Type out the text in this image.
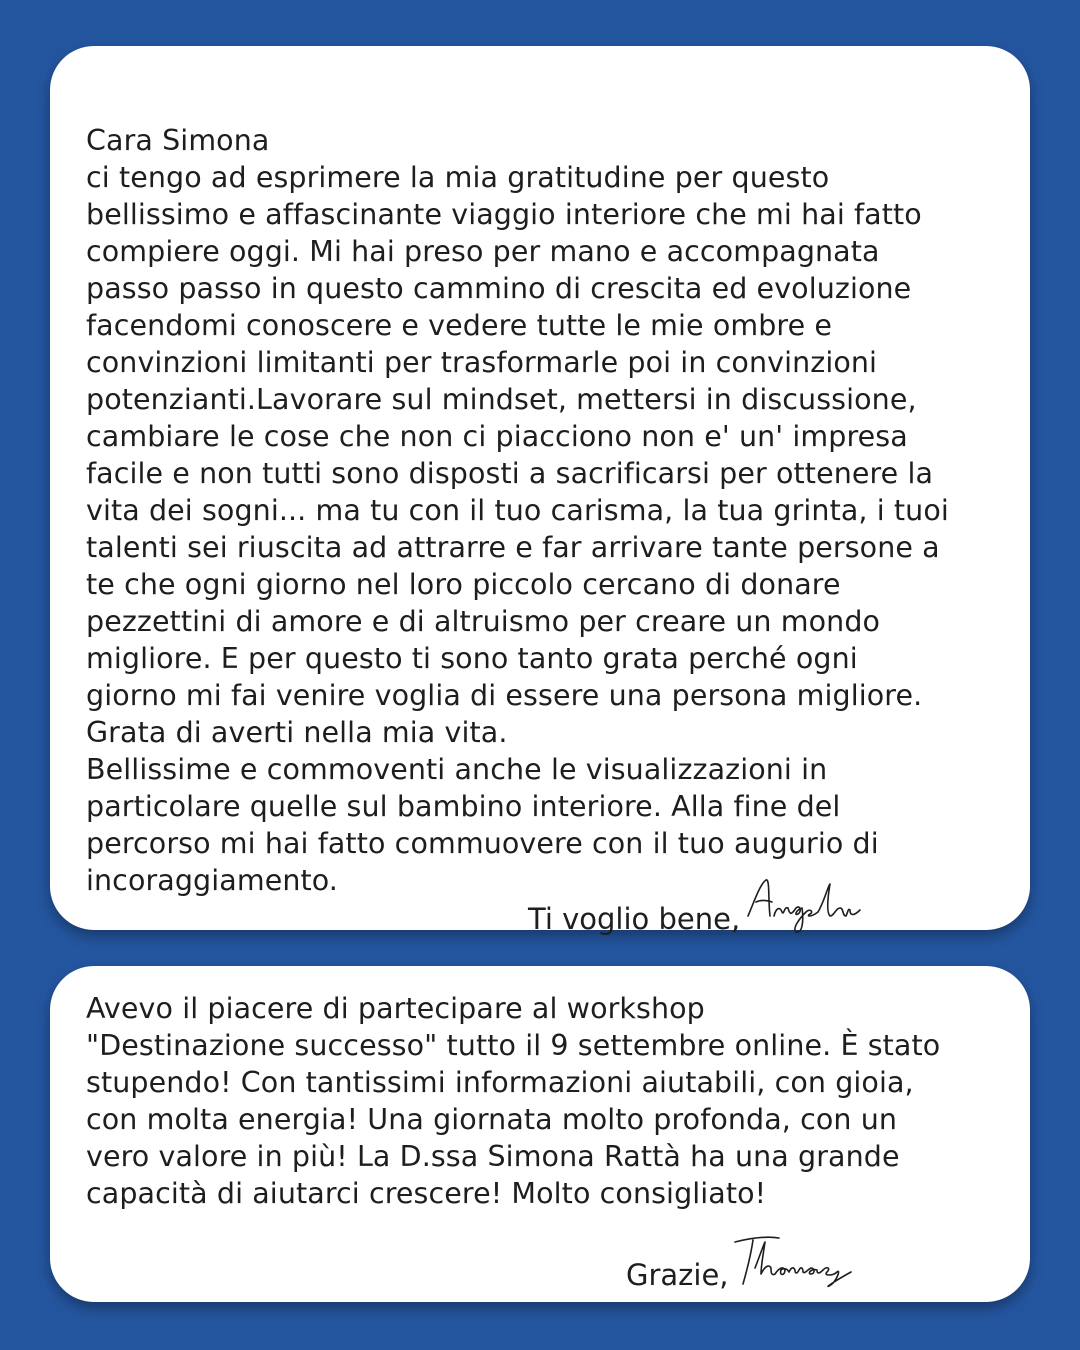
Cara Simona
ci tengo ad esprimere la mia gratitudine per questo
bellissimo e affascinante viaggio interiore che mi hai fatto
compiere oggi. Mi hai preso per mano e accompagnata
passo passo in questo cammino di crescita ed evoluzione
facendomi conoscere e vedere tutte le mie ombre e
convinzioni limitanti per trasformarle poi in convinzioni
potenzianti.Lavorare sul mindset, mettersi in discussione,
cambiare le cose che non ci piacciono non e' un' impresa
facile e non tutti sono disposti a sacrificarsi per ottenere la
vita dei sogni... ma tu con il tuo carisma, la tua grinta, i tuoi
talenti sei riuscita ad attrarre e far arrivare tante persone a
te che ogni giorno nel loro piccolo cercano di donare
pezzettini di amore e di altruismo per creare un mondo
migliore. E per questo ti sono tanto grata perché ogni
giorno mi fai venire voglia di essere una persona migliore.
Grata di averti nella mia vita.
Bellissime e commoventi anche le visualizzazioni in
particolare quelle sul bambino interiore. Alla fine del
percorso mi hai fatto commuovere con il tuo augurio di
incoraggiamento.
Ti voglio bene,
Avevo il piacere di partecipare al workshop
"Destinazione successo" tutto il 9 settembre online. È stato
stupendo! Con tantissimi informazioni aiutabili, con gioia,
con molta energia! Una giornata molto profonda, con un
vero valore in più! La D.ssa Simona Rattà ha una grande
capacità di aiutarci crescere! Molto consigliato!
Grazie,
